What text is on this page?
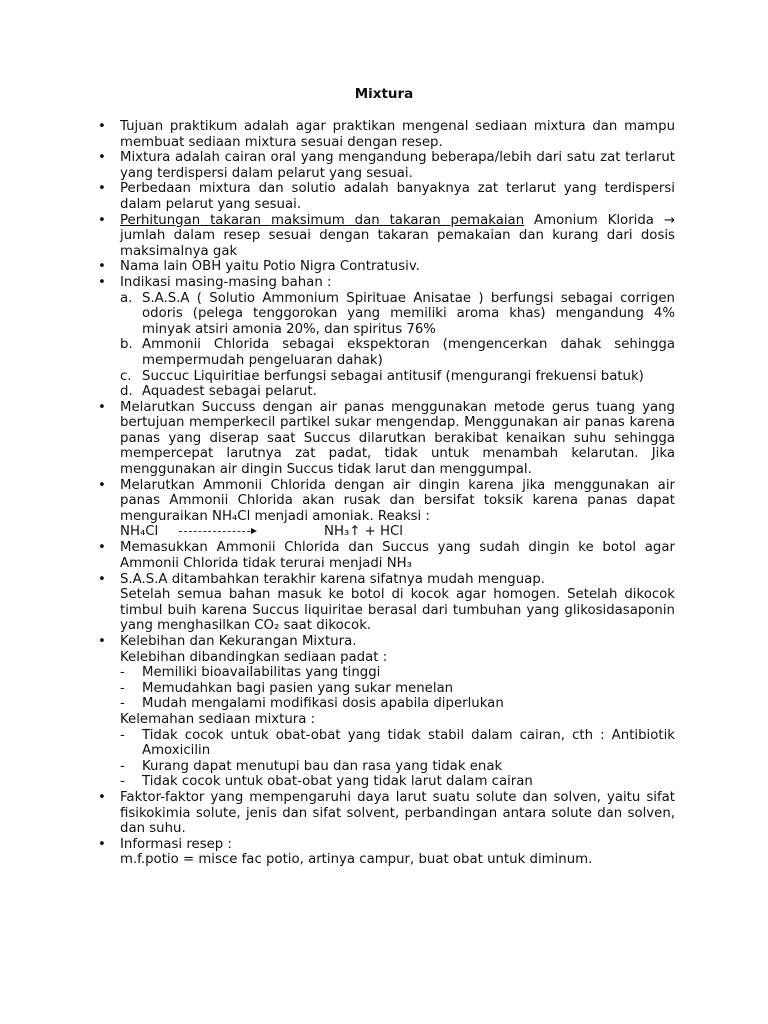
Mixtura
• Tujuan praktikum adalah agar praktikan mengenal sediaan mixtura dan mampu membuat sediaan mixtura sesuai dengan resep.
• Mixtura adalah cairan oral yang mengandung beberapa/lebih dari satu zat terlarut yang terdispersi dalam pelarut yang sesuai.
• Perbedaan mixtura dan solutio adalah banyaknya zat terlarut yang terdispersi dalam pelarut yang sesuai.
• Perhitungan takaran maksimum dan takaran pemakaian Amonium Klorida → jumlah dalam resep sesuai dengan takaran pemakaian dan kurang dari dosis maksimalnya gak
• Nama lain OBH yaitu Potio Nigra Contratusiv.
• Indikasi masing-masing bahan :
a. S.A.S.A ( Solutio Ammonium Spirituae Anisatae ) berfungsi sebagai corrigen odoris (pelega tenggorokan yang memiliki aroma khas) mengandung 4% minyak atsiri amonia 20%, dan spiritus 76%
b. Ammonii Chlorida sebagai ekspektoran (mengencerkan dahak sehingga mempermudah pengeluaran dahak)
c. Succuc Liquiritiae berfungsi sebagai antitusif (mengurangi frekuensi batuk)
d. Aquadest sebagai pelarut.
• Melarutkan Succuss dengan air panas menggunakan metode gerus tuang yang bertujuan memperkecil partikel sukar mengendap. Menggunakan air panas karena panas yang diserap saat Succus dilarutkan berakibat kenaikan suhu sehingga mempercepat larutnya zat padat, tidak untuk menambah kelarutan. Jika menggunakan air dingin Succus tidak larut dan menggumpal.
• Melarutkan Ammonii Chlorida dengan air dingin karena jika menggunakan air panas Ammonii Chlorida akan rusak dan bersifat toksik karena panas dapat menguraikan NH₄Cl menjadi amoniak. Reaksi :
NH₄Cl	NH₃↑ + HCl
• Memasukkan Ammonii Chlorida dan Succus yang sudah dingin ke botol agar Ammonii Chlorida tidak terurai menjadi NH₃
• S.A.S.A ditambahkan terakhir karena sifatnya mudah menguap.
Setelah semua bahan masuk ke botol di kocok agar homogen. Setelah dikocok timbul buih karena Succus liquiritae berasal dari tumbuhan yang glikosidasaponin yang menghasilkan CO₂ saat dikocok.
• Kelebihan dan Kekurangan Mixtura.
Kelebihan dibandingkan sediaan padat :
- Memiliki bioavailabilitas yang tinggi
- Memudahkan bagi pasien yang sukar menelan
- Mudah mengalami modifikasi dosis apabila diperlukan
Kelemahan sediaan mixtura :
- Tidak cocok untuk obat-obat yang tidak stabil dalam cairan, cth : Antibiotik Amoxicilin
- Kurang dapat menutupi bau dan rasa yang tidak enak
- Tidak cocok untuk obat-obat yang tidak larut dalam cairan
• Faktor-faktor yang mempengaruhi daya larut suatu solute dan solven, yaitu sifat fisikokimia solute, jenis dan sifat solvent, perbandingan antara solute dan solven, dan suhu.
• Informasi resep :
m.f.potio = misce fac potio, artinya campur, buat obat untuk diminum.
